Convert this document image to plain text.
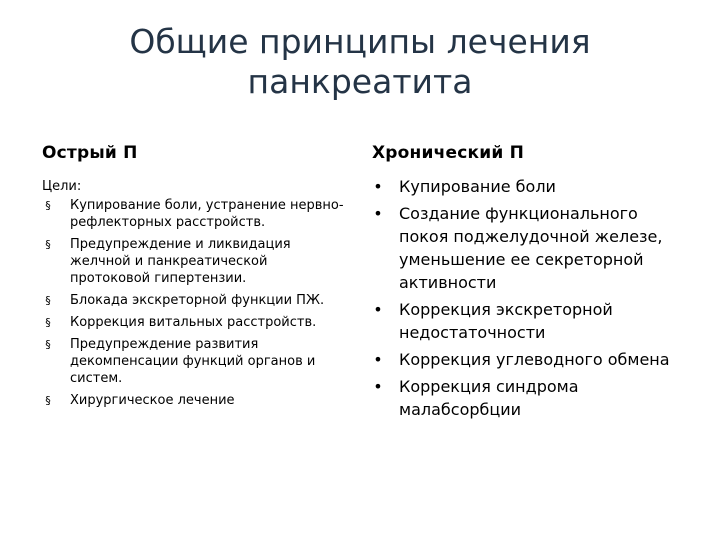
Общие принципы лечения
панкреатита
Острый П
Цели:
§ Купирование боли, устранение нервно-рефлекторных расстройств.
§ Предупреждение и ликвидация желчной и панкреатической протоковой гипертензии.
§ Блокада экскреторной функции ПЖ.
§ Коррекция витальных расстройств.
§ Предупреждение развития декомпенсации функций органов и систем.
§ Хирургическое лечение
Хронический П
• Купирование боли
• Создание функционального покоя поджелудочной железе, уменьшение ее секреторной активности
• Коррекция экскреторной недостаточности
• Коррекция углеводного обмена
• Коррекция синдрома малабсорбции
